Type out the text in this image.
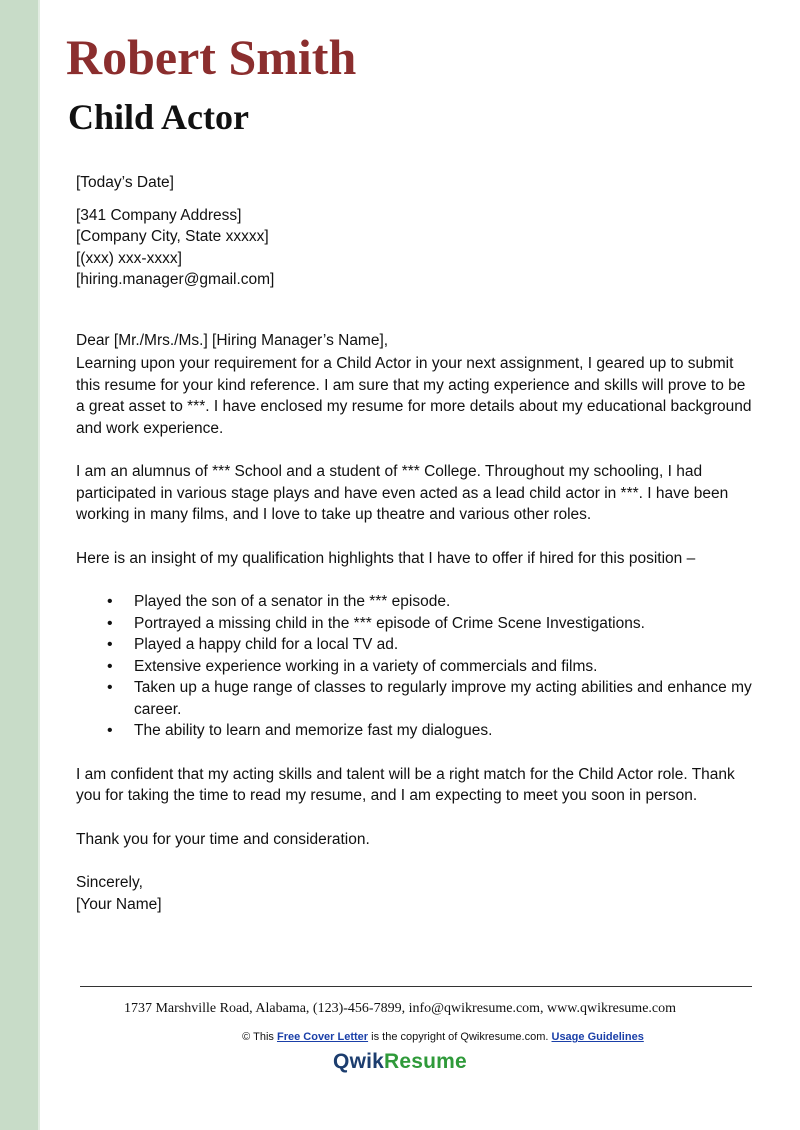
Robert Smith
Child Actor

[Today’s Date]

[341 Company Address]

[Company City, State xxxxx]

[(xxx) xxx-xxxx]

[hiring.manager@gmail.com]

Dear [Mr./Mrs./Ms.] [Hiring Manager’s Name],

Learning upon your requirement for a Child Actor in your next assignment, I geared up to submit this resume for your kind reference. I am sure that my acting experience and skills will prove to be a great asset to ***. I have enclosed my resume for more details about my educational background and work experience.

I am an alumnus of *** School and a student of *** College. Throughout my schooling, I had participated in various stage plays and have even acted as a lead child actor in ***. I have been working in many films, and I love to take up theatre and various other roles.

Here is an insight of my qualification highlights that I have to offer if hired for this position –

• Played the son of a senator in the *** episode.
• Portrayed a missing child in the *** episode of Crime Scene Investigations.
• Played a happy child for a local TV ad.
• Extensive experience working in a variety of commercials and films.
• Taken up a huge range of classes to regularly improve my acting abilities and enhance my career.
• The ability to learn and memorize fast my dialogues.

I am confident that my acting skills and talent will be a right match for the Child Actor role. Thank you for taking the time to read my resume, and I am expecting to meet you soon in person.

Thank you for your time and consideration.

Sincerely,

[Your Name]

1737 Marshville Road, Alabama, (123)-456-7899, info@qwikresume.com, www.qwikresume.com
© This Free Cover Letter is the copyright of Qwikresume.com. Usage Guidelines
QwikResume
